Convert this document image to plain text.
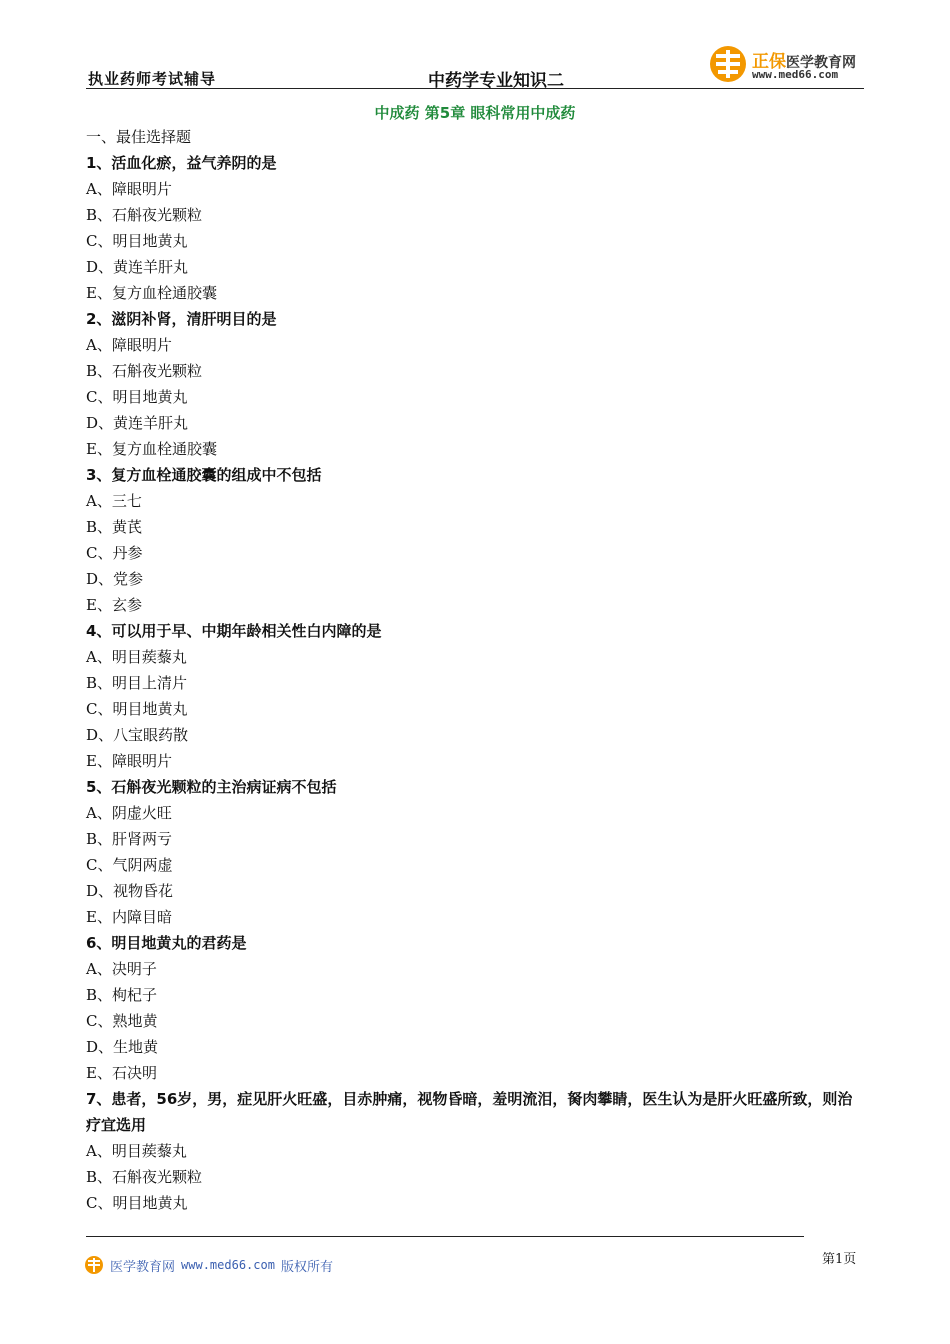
执业药师考试辅导	中药学专业知识二
正保医学教育网
www.med66.com
中成药 第5章 眼科常用中成药
一、最佳选择题
1、活血化瘀，益气养阴的是
A、障眼明片
B、石斛夜光颗粒
C、明目地黄丸
D、黄连羊肝丸
E、复方血栓通胶囊
2、滋阴补肾，清肝明目的是
A、障眼明片
B、石斛夜光颗粒
C、明目地黄丸
D、黄连羊肝丸
E、复方血栓通胶囊
3、复方血栓通胶囊的组成中不包括
A、三七
B、黄芪
C、丹参
D、党参
E、玄参
4、可以用于早、中期年龄相关性白内障的是
A、明目蒺藜丸
B、明目上清片
C、明目地黄丸
D、八宝眼药散
E、障眼明片
5、石斛夜光颗粒的主治病证病不包括
A、阴虚火旺
B、肝肾两亏
C、气阴两虚
D、视物昏花
E、内障目暗
6、明目地黄丸的君药是
A、决明子
B、枸杞子
C、熟地黄
D、生地黄
E、石决明
7、患者，56岁，男，症见肝火旺盛，目赤肿痛，视物昏暗，羞明流泪，胬肉攀睛，医生认为是肝火旺盛所致，则治疗宜选用
A、明目蒺藜丸
B、石斛夜光颗粒
C、明目地黄丸
医学教育网 www.med66.com 版权所有	第1页
